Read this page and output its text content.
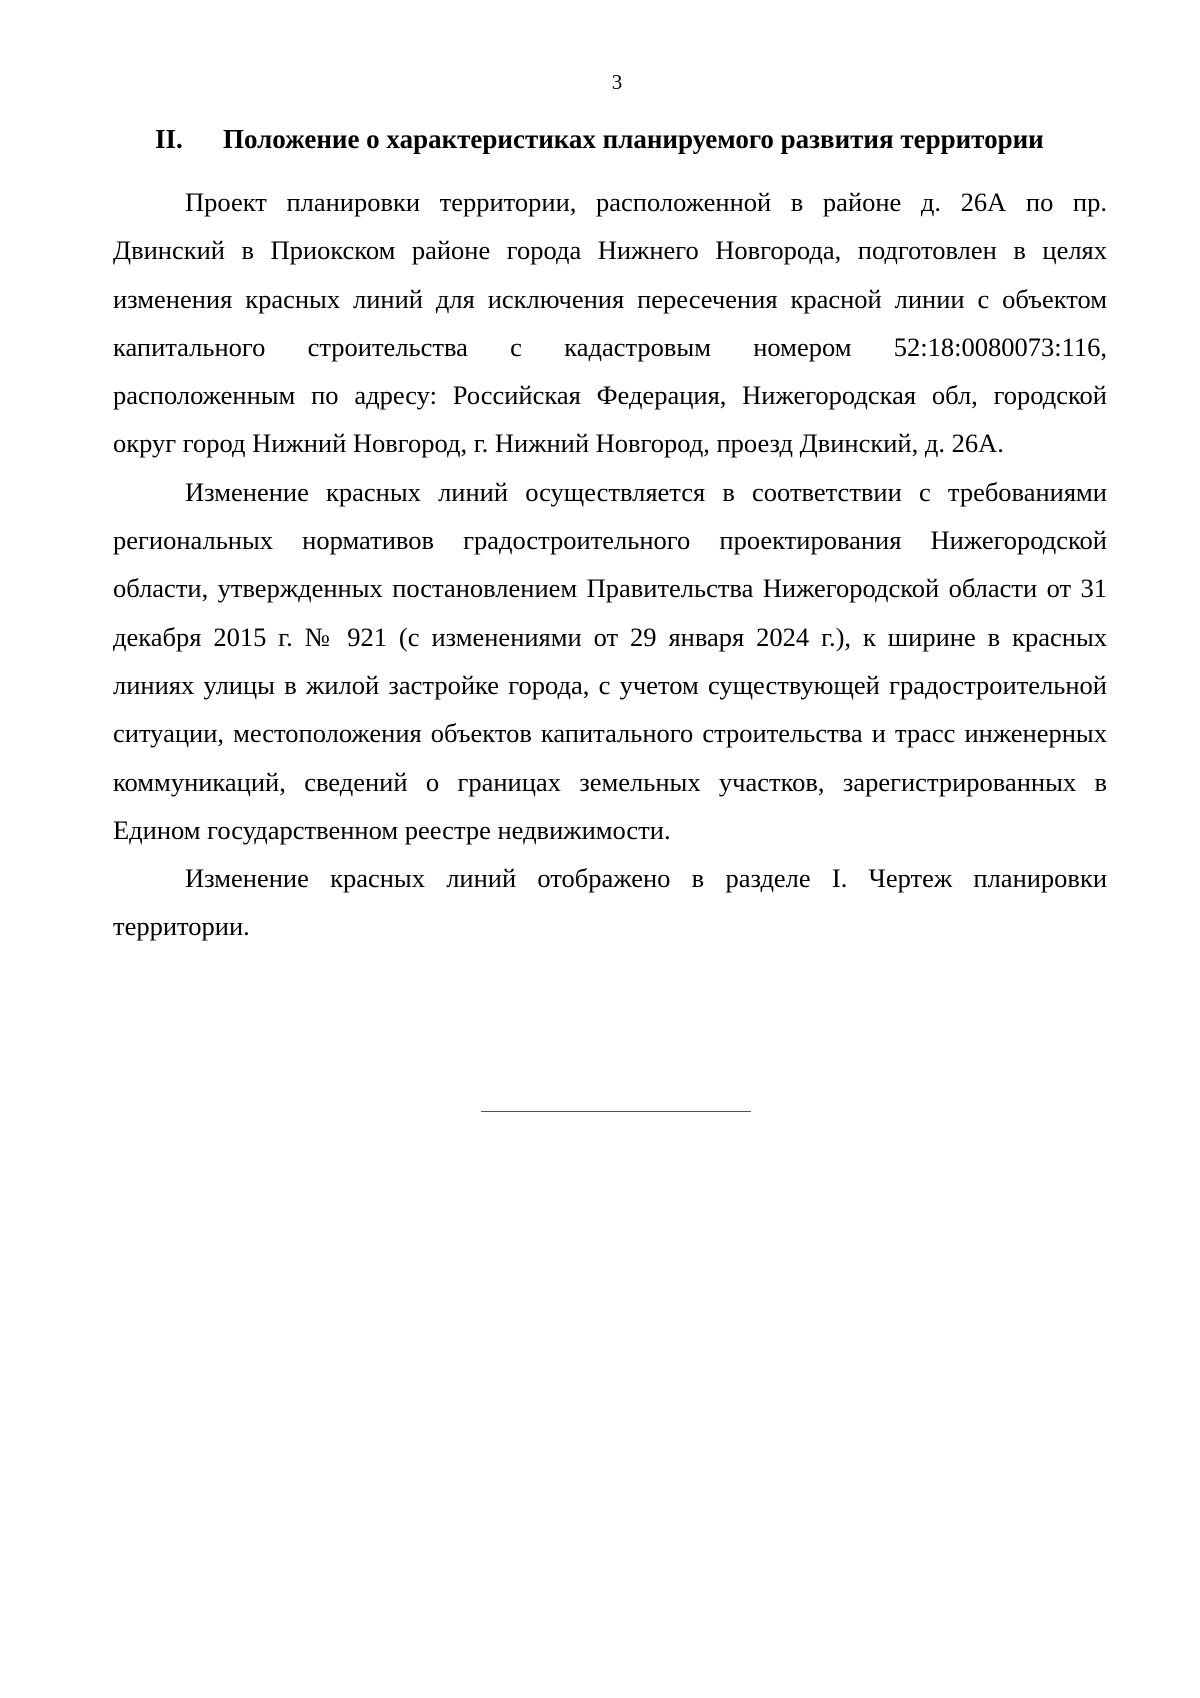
3
II. Положение о характеристиках планируемого развития территории

Проект планировки территории, расположенной в районе д. 26А по пр. Двинский в Приокском районе города Нижнего Новгорода, подготовлен в целях изменения красных линий для исключения пересечения красной линии с объектом капитального строительства с кадастровым номером 52:18:0080073:116, расположенным по адресу: Российская Федерация, Нижегородская обл, городской округ город Нижний Новгород, г. Нижний Новгород, проезд Двинский, д. 26А.

Изменение красных линий осуществляется в соответствии с требованиями региональных нормативов градостроительного проектирования Нижегородской области, утвержденных постановлением Правительства Нижегородской области от 31 декабря 2015 г. № 921 (с изменениями от 29 января 2024 г.), к ширине в красных линиях улицы в жилой застройке города, с учетом существующей градостроительной ситуации, местоположения объектов капитального строительства и трасс инженерных коммуникаций, сведений о границах земельных участков, зарегистрированных в Едином государственном реестре недвижимости.

Изменение красных линий отображено в разделе I. Чертеж планировки территории.
